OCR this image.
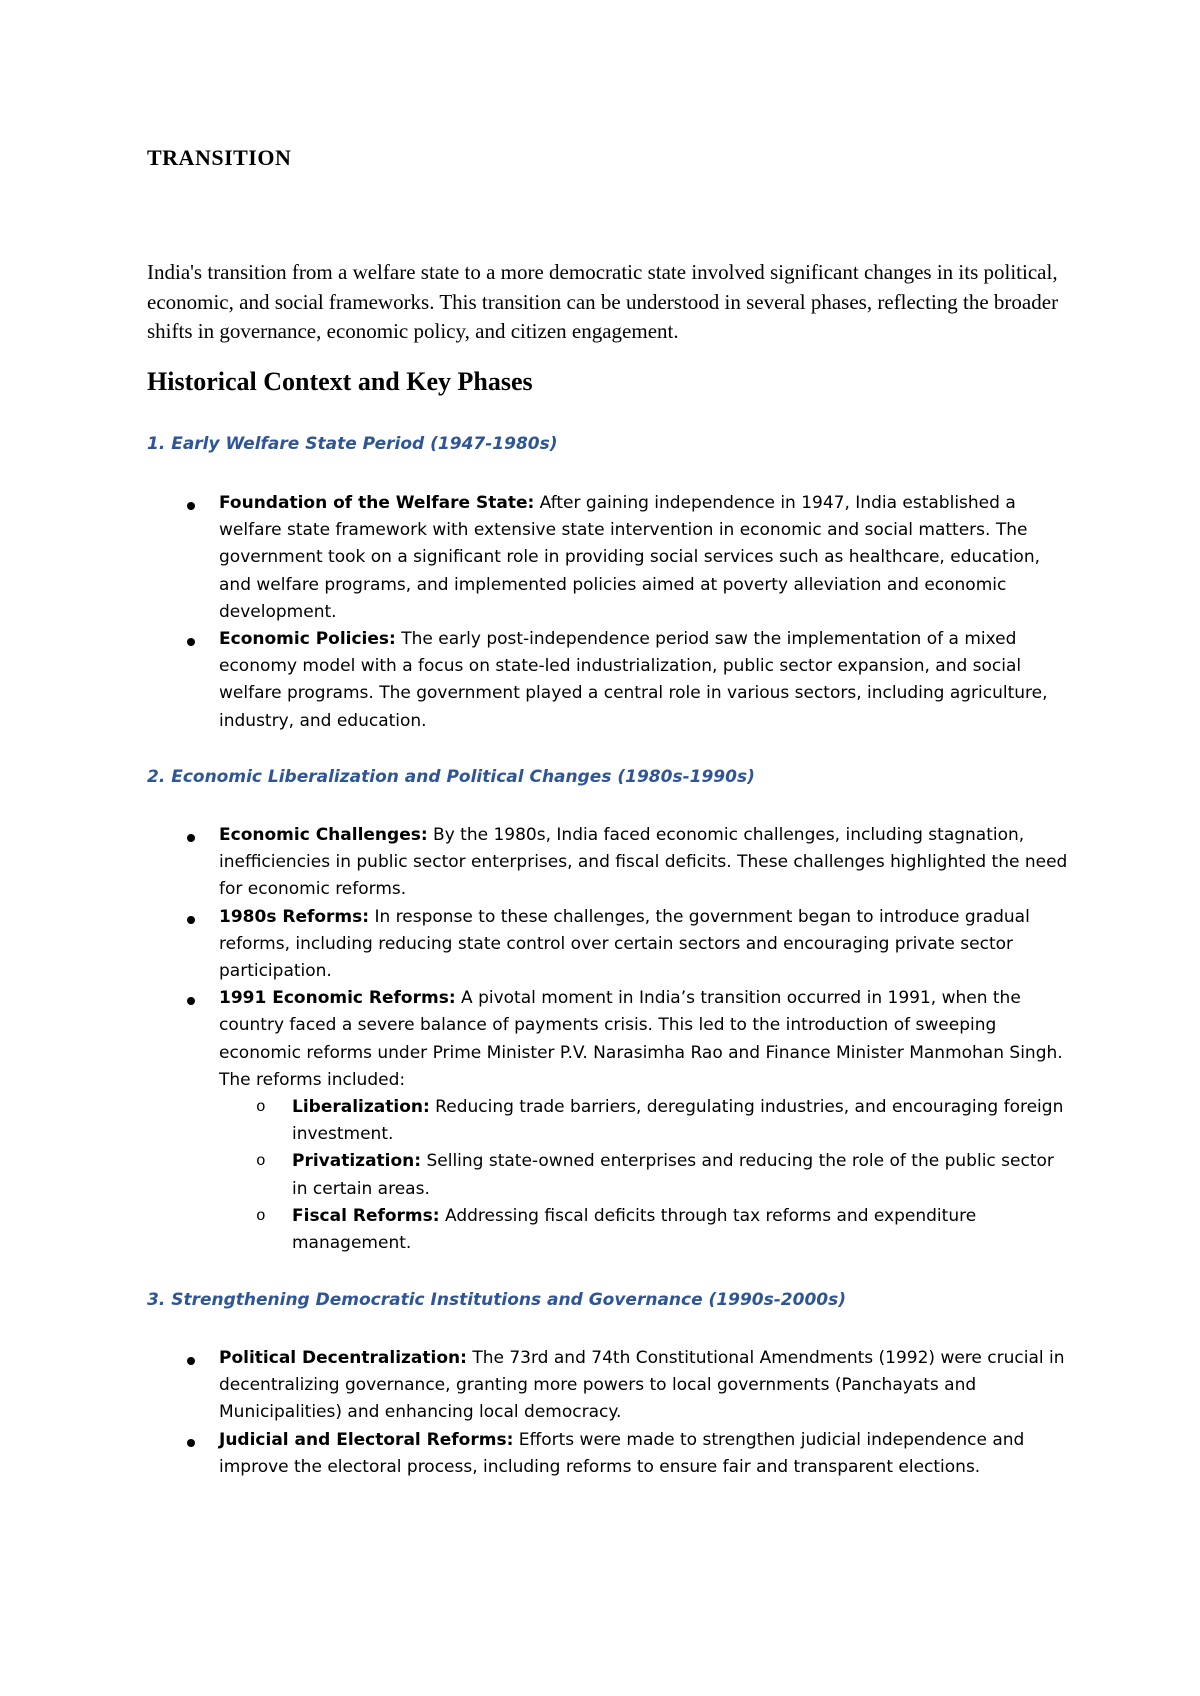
TRANSITION

India's transition from a welfare state to a more democratic state involved significant changes in its political, economic, and social frameworks. This transition can be understood in several phases, reflecting the broader shifts in governance, economic policy, and citizen engagement.

Historical Context and Key Phases
1. Early Welfare State Period (1947-1980s)
Foundation of the Welfare State: After gaining independence in 1947, India established a welfare state framework with extensive state intervention in economic and social matters. The government took on a significant role in providing social services such as healthcare, education, and welfare programs, and implemented policies aimed at poverty alleviation and economic development.
Economic Policies: The early post-independence period saw the implementation of a mixed economy model with a focus on state-led industrialization, public sector expansion, and social welfare programs. The government played a central role in various sectors, including agriculture, industry, and education.
2. Economic Liberalization and Political Changes (1980s-1990s)
Economic Challenges: By the 1980s, India faced economic challenges, including stagnation, inefficiencies in public sector enterprises, and fiscal deficits. These challenges highlighted the need for economic reforms.
1980s Reforms: In response to these challenges, the government began to introduce gradual reforms, including reducing state control over certain sectors and encouraging private sector participation.
1991 Economic Reforms: A pivotal moment in India’s transition occurred in 1991, when the country faced a severe balance of payments crisis. This led to the introduction of sweeping economic reforms under Prime Minister P.V. Narasimha Rao and Finance Minister Manmohan Singh. The reforms included:
o Liberalization: Reducing trade barriers, deregulating industries, and encouraging foreign investment.
o Privatization: Selling state-owned enterprises and reducing the role of the public sector in certain areas.
o Fiscal Reforms: Addressing fiscal deficits through tax reforms and expenditure management.
3. Strengthening Democratic Institutions and Governance (1990s-2000s)
Political Decentralization: The 73rd and 74th Constitutional Amendments (1992) were crucial in decentralizing governance, granting more powers to local governments (Panchayats and Municipalities) and enhancing local democracy.
Judicial and Electoral Reforms: Efforts were made to strengthen judicial independence and improve the electoral process, including reforms to ensure fair and transparent elections.
